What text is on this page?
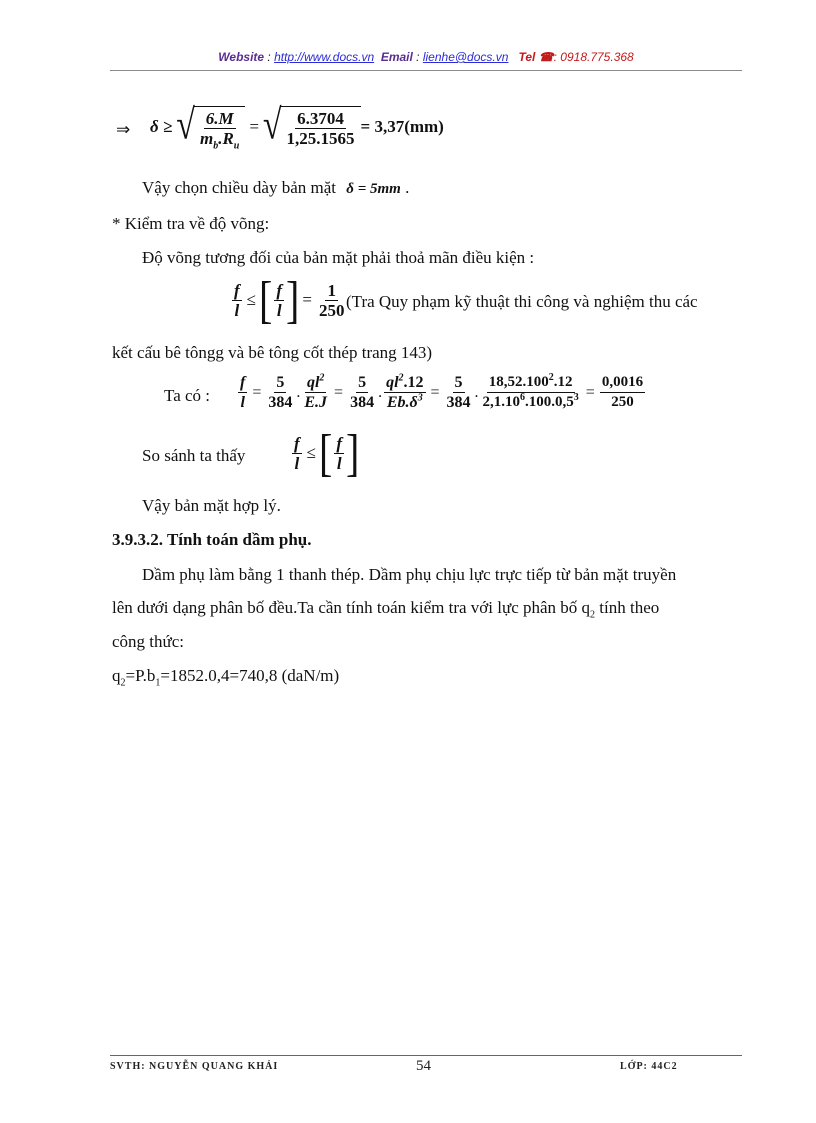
Website : http://www.docs.vn Email : lienhe@docs.vn Tel ☎: 0918.775.368
⇒ δ ≥ √ $\frac{6.M}{m_b.R_u}$ = √ $\frac{6.3704}{1,25.1565} = 3,37(mm)$
Vậy chọn chiều dày bản mặt δ = 5mm .
* Kiểm tra về độ võng:
Độ võng tương đối của bản mặt phải thoả mãn điều kiện :
$\frac{f}{l}$ ≤ [ $\frac{f}{l}$ ] = $\frac{1}{250} (Tra$ Quy phạm kỹ thuật thi công và nghiệm thu các
kết cấu bê tôngg và bê tông cốt thép trang 143)
Ta có : $\frac{f}{l} = \frac{5}{384}$ . $\frac{ql^2}{E.J} = \frac{5}{384}$ . $\frac{ql^2.12}{Eb.\delta^3} = \frac{5}{384}$ . $\frac{18,52.100^2.12}{2,1.10^6.100.0,5^3} = \frac{0,0016}{250}$
So sánh ta thấy	$\frac{f}{l}$ ≤ [ $\frac{f}{l}$ ]
Vậy bản mặt hợp lý.
3.9.3.2. Tính toán dầm phụ.
Dầm phụ làm bằng 1 thanh thép. Dầm phụ chịu lực trực tiếp từ bản mặt truyền
lên dưới dạng phân bố đều.Ta cần tính toán kiểm tra với lực phân bố $q_2$ tính theo
công thức:
$q_2=P.b_1=1852.0,4=740,8$ (daN/m)
SVTH: NGUYỄN QUANG KHẢI	54	LỚP: 44C2
